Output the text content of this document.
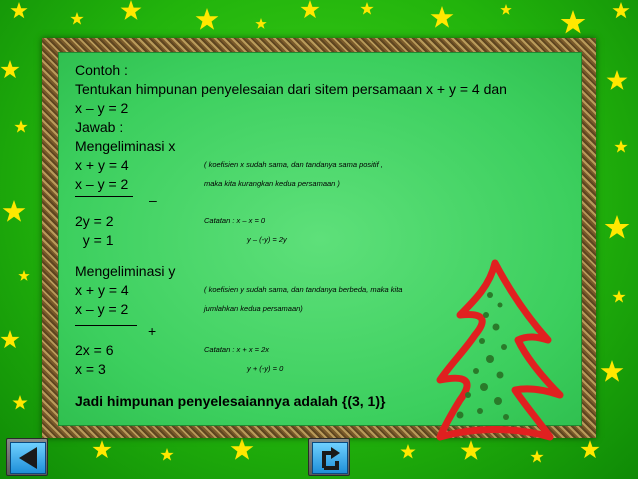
Contoh :
Tentukan himpunan penyelesaian dari sitem persamaan x + y = 4 dan
x – y = 2
Jawab :
Mengeliminasi x
x + y = 4	( koefisien x sudah sama, dan tandanya sama positif ,
x – y = 2	maka kita kurangkan kedua persamaan )
–
2y = 2	Catatan : x – x = 0
y = 1	y – (-y) = 2y
Mengeliminasi y
x + y = 4	( koefisien y sudah sama, dan tandanya berbeda, maka kita
x – y = 2	jumlahkan kedua persamaan)
+
2x = 6	Catatan : x + x = 2x
x = 3	y + (-y) = 0
Jadi himpunan penyelesaiannya adalah {(3, 1)}
